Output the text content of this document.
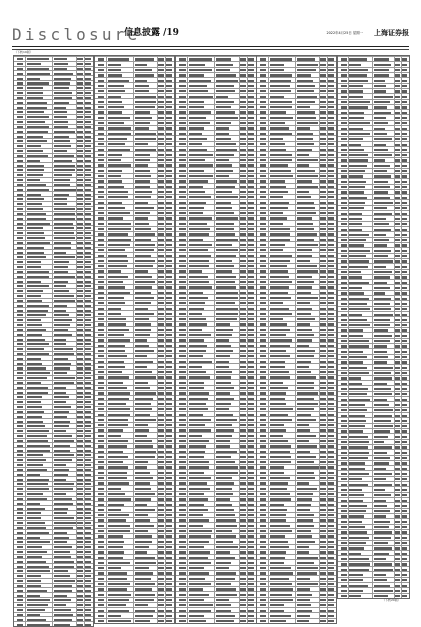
Disclosure
信息披露 /19	2022年4月25日 星期一 上海证券报
（下转19版）
（下转20版）
